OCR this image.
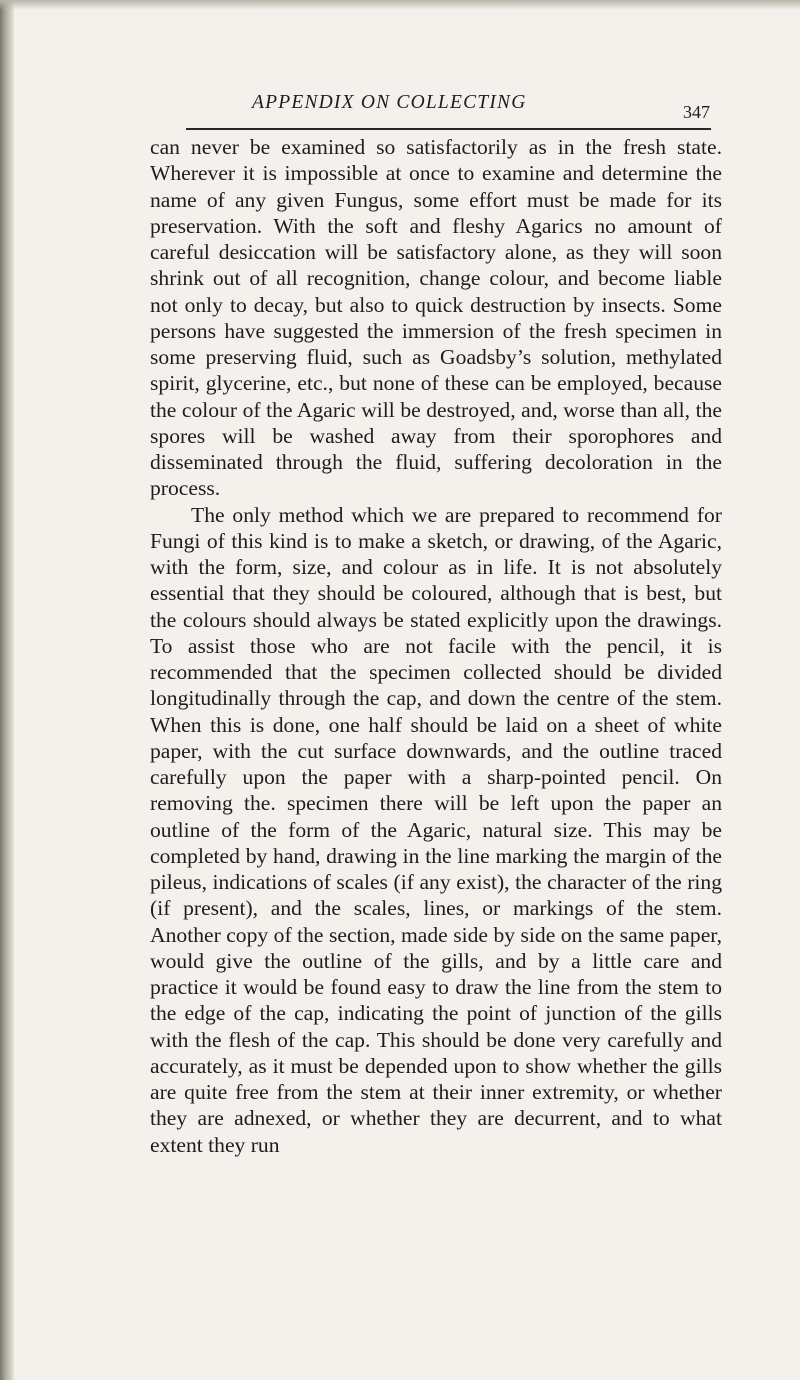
APPENDIX ON COLLECTING	347

can never be examined so satisfactorily as in the fresh state. Wherever it is impossible at once to examine and determine the name of any given Fungus, some effort must be made for its preservation. With the soft and fleshy Agarics no amount of careful desiccation will be satisfactory alone, as they will soon shrink out of all recognition, change colour, and become liable not only to decay, but also to quick destruction by insects. Some persons have suggested the immersion of the fresh specimen in some preserving fluid, such as Goadsby’s solution, methylated spirit, glycerine, etc., but none of these can be employed, because the colour of the Agaric will be destroyed, and, worse than all, the spores will be washed away from their sporophores and disseminated through the fluid, suffering decoloration in the process.

The only method which we are prepared to recommend for Fungi of this kind is to make a sketch, or drawing, of the Agaric, with the form, size, and colour as in life. It is not absolutely essential that they should be coloured, although that is best, but the colours should always be stated explicitly upon the drawings. To assist those who are not facile with the pencil, it is recommended that the specimen collected should be divided longitudinally through the cap, and down the centre of the stem. When this is done, one half should be laid on a sheet of white paper, with the cut surface downwards, and the outline traced carefully upon the paper with a sharp-pointed pencil. On removing the. specimen there will be left upon the paper an outline of the form of the Agaric, natural size. This may be completed by hand, drawing in the line marking the margin of the pileus, indications of scales (if any exist), the character of the ring (if present), and the scales, lines, or markings of the stem. Another copy of the section, made side by side on the same paper, would give the outline of the gills, and by a little care and practice it would be found easy to draw the line from the stem to the edge of the cap, indicating the point of junction of the gills with the flesh of the cap. This should be done very carefully and accurately, as it must be depended upon to show whether the gills are quite free from the stem at their inner extremity, or whether they are adnexed, or whether they are decurrent, and to what extent they run
